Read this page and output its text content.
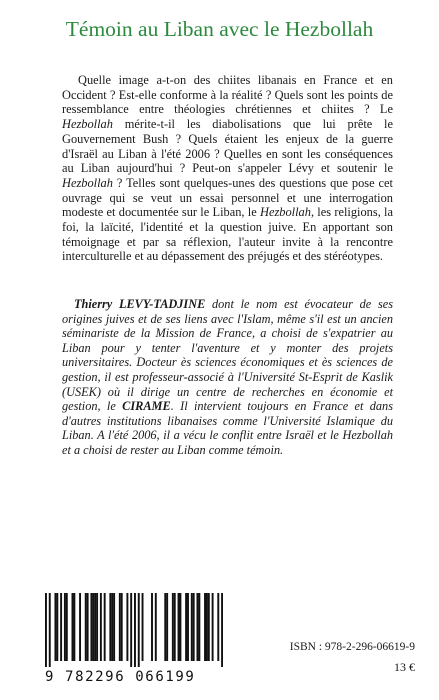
Témoin au Liban avec le Hezbollah

Quelle image a-t-on des chiites libanais en France et en Occident ? Est-elle conforme à la réalité ? Quels sont les points de ressemblance entre théologies chrétiennes et chiites ? Le Hezbollah mérite-t-il les diabolisations que lui prête le Gouvernement Bush ? Quels étaient les enjeux de la guerre d'Israël au Liban à l'été 2006 ? Quelles en sont les conséquences au Liban aujourd'hui ? Peut-on s'appeler Lévy et soutenir le Hezbollah ? Telles sont quelques-unes des questions que pose cet ouvrage qui se veut un essai personnel et une interrogation modeste et documentée sur le Liban, le Hezbollah, les religions, la foi, la laïcité, l'identité et la question juive. En apportant son témoignage et par sa réflexion, l'auteur invite à la rencontre interculturelle et au dépassement des préjugés et des stéréotypes.

Thierry LEVY-TADJINE dont le nom est évocateur de ses origines juives et de ses liens avec l'Islam, même s'il est un ancien séminariste de la Mission de France, a choisi de s'expatrier au Liban pour y tenter l'aventure et y monter des projets universitaires. Docteur ès sciences économiques et ès sciences de gestion, il est professeur-associé à l'Université St-Esprit de Kaslik (USEK) où il dirige un centre de recherches en économie et gestion, le CIRAME. Il intervient toujours en France et dans d'autres institutions libanaises comme l'Université Islamique du Liban. A l'été 2006, il a vécu le conflit entre Israël et le Hezbollah et a choisi de rester au Liban comme témoin.

9 782296 066199
ISBN : 978-2-296-06619-9
13 €
